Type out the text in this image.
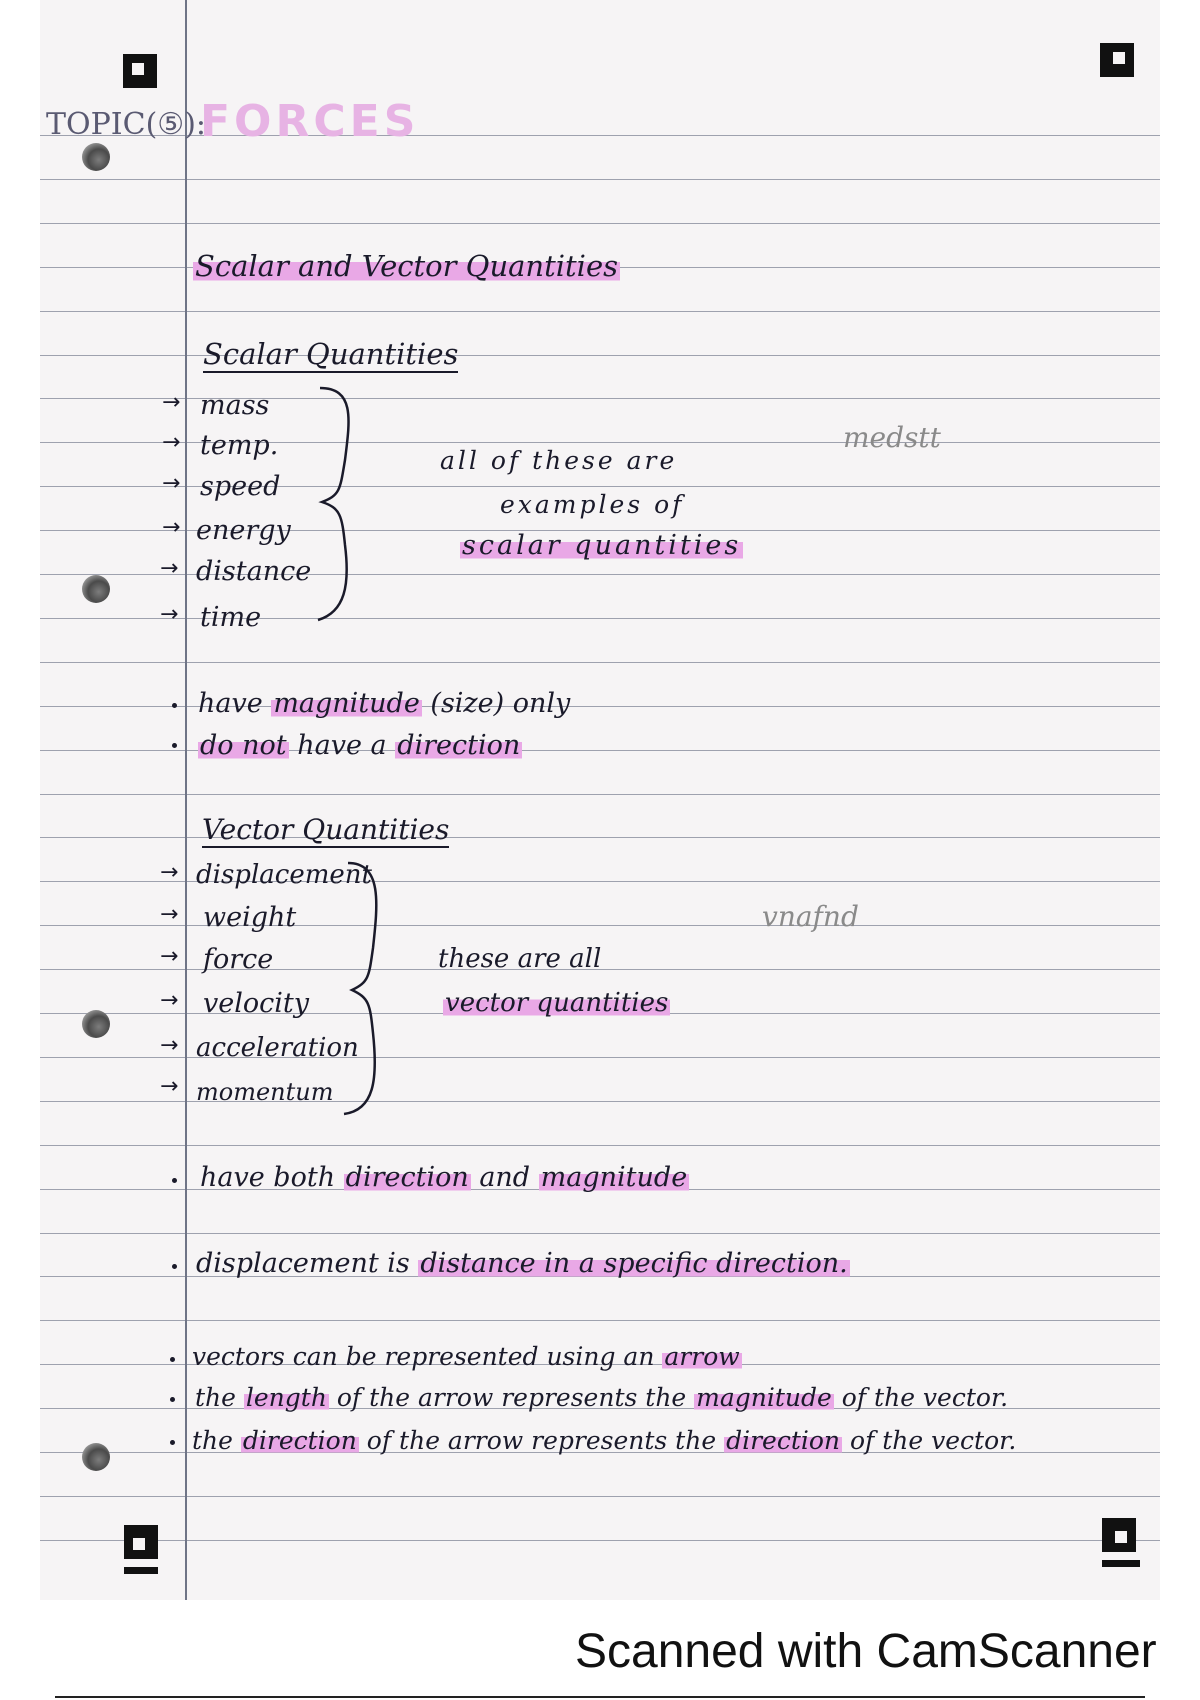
TOPIC(⑤):
FORCES
Scalar and Vector Quantities
Scalar Quantities
→ mass
→ temp.
→ speed
→ energy
→ distance
→ time
all of these are
examples of
scalar quantities
medstt
have magnitude (size) only
do not have a direction
Vector Quantities
→ displacement
→ weight
→ force
→ velocity
→ acceleration
→ momentum
these are all
vector quantities
vnafnd
have both direction and magnitude
displacement is distance in a specific direction.
vectors can be represented using an arrow
the length of the arrow represents the magnitude of the vector.
the direction of the arrow represents the direction of the vector.
Scanned with CamScanner
